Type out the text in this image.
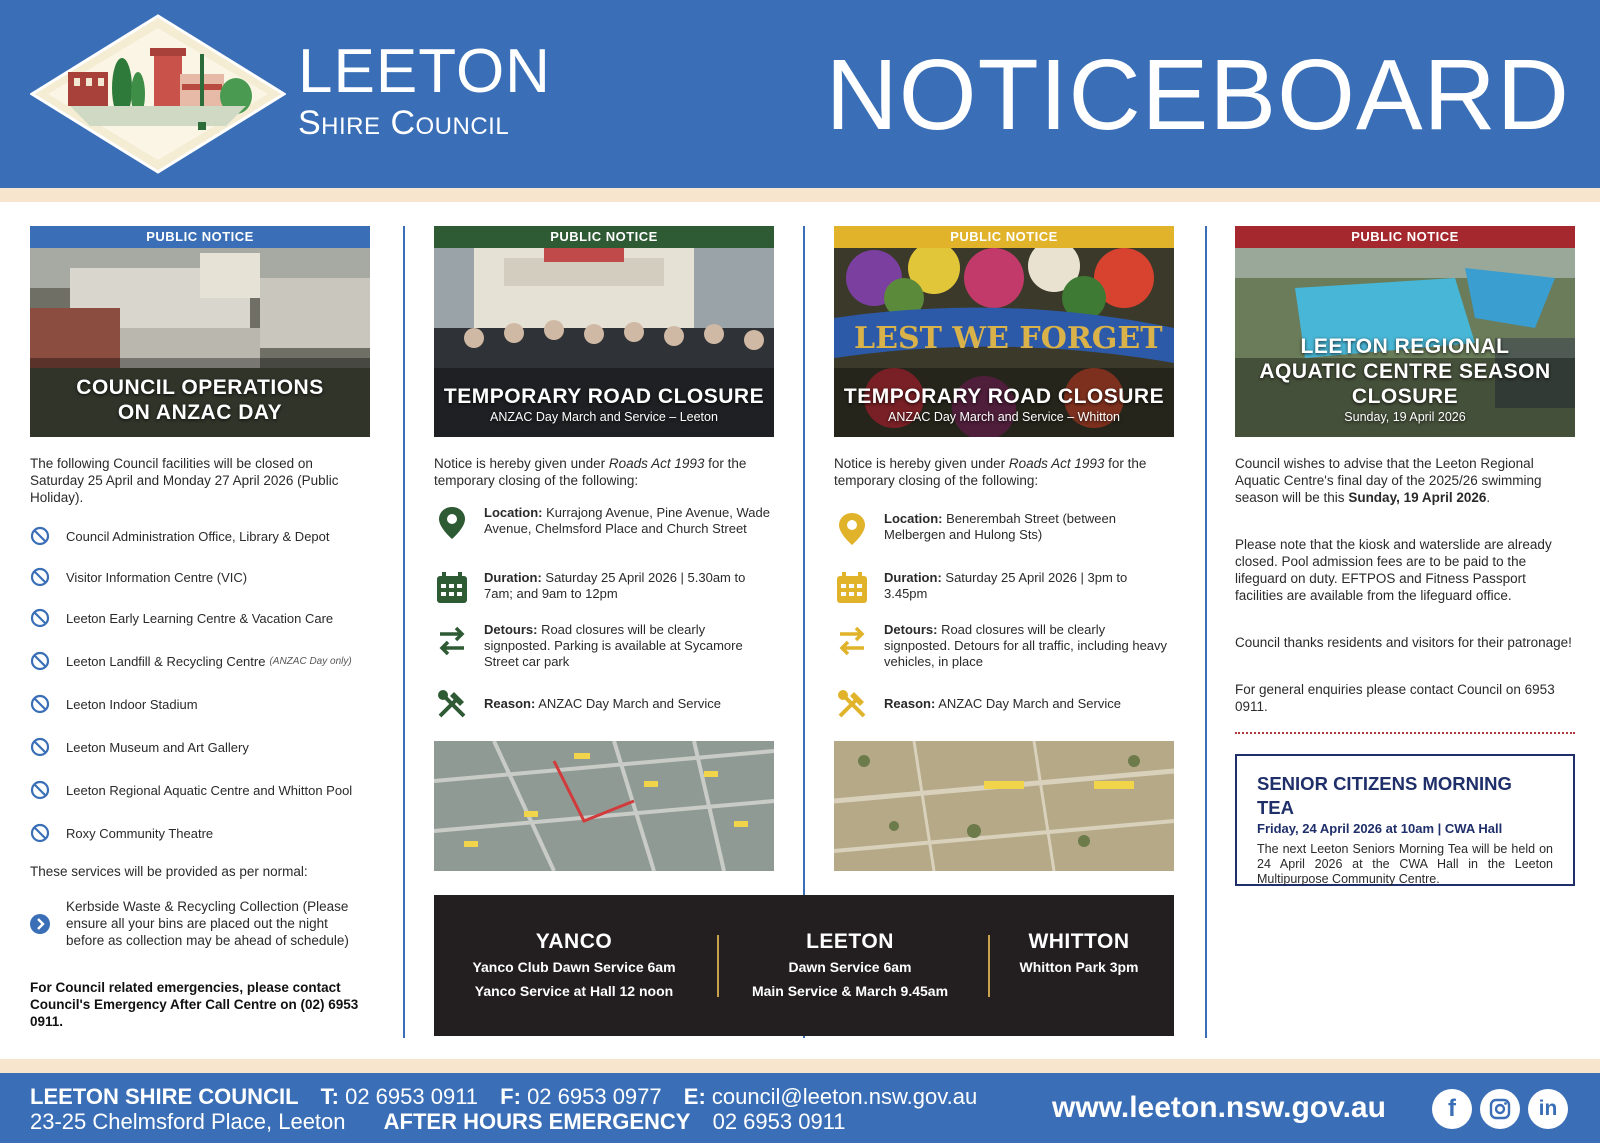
LEETON
Shire Council	NOTICEBOARD
PUBLIC NOTICE
COUNCIL OPERATIONS ON ANZAC DAY
The following Council facilities will be closed on Saturday 25 April and Monday 27 April 2026 (Public Holiday).
Council Administration Office, Library & Depot
Visitor Information Centre (VIC)
Leeton Early Learning Centre & Vacation Care
Leeton Landfill & Recycling Centre (ANZAC Day only)
Leeton Indoor Stadium
Leeton Museum and Art Gallery
Leeton Regional Aquatic Centre and Whitton Pool
Roxy Community Theatre
These services will be provided as per normal:
Kerbside Waste & Recycling Collection (Please ensure all your bins are placed out the night before as collection may be ahead of schedule)
For Council related emergencies, please contact Council's Emergency After Call Centre on (02) 6953 0911.
PUBLIC NOTICE
TEMPORARY ROAD CLOSURE
ANZAC Day March and Service – Leeton
Notice is hereby given under Roads Act 1993 for the temporary closing of the following:
Location: Kurrajong Avenue, Pine Avenue, Wade Avenue, Chelmsford Place and Church Street
Duration: Saturday 25 April 2026 | 5.30am to 7am; and 9am to 12pm
Detours: Road closures will be clearly signposted. Parking is available at Sycamore Street car park
Reason: ANZAC Day March and Service
PUBLIC NOTICE
LEST WE FORGET
TEMPORARY ROAD CLOSURE
ANZAC Day March and Service – Whitton
Notice is hereby given under Roads Act 1993 for the temporary closing of the following:
Location: Benerembah Street (between Melbergen and Hulong Sts)
Duration: Saturday 25 April 2026 | 3pm to 3.45pm
Detours: Road closures will be clearly signposted. Detours for all traffic, including heavy vehicles, in place
Reason: ANZAC Day March and Service
YANCO
Yanco Club Dawn Service 6am
Yanco Service at Hall 12 noon
LEETON
Dawn Service 6am
Main Service & March 9.45am
WHITTON
Whitton Park 3pm
PUBLIC NOTICE
LEETON REGIONAL AQUATIC CENTRE SEASON CLOSURE
Sunday, 19 April 2026
Council wishes to advise that the Leeton Regional Aquatic Centre's final day of the 2025/26 swimming season will be this Sunday, 19 April 2026.
Please note that the kiosk and waterslide are already closed. Pool admission fees are to be paid to the lifeguard on duty. EFTPOS and Fitness Passport facilities are available from the lifeguard office.
Council thanks residents and visitors for their patronage!
For general enquiries please contact Council on 6953 0911.
SENIOR CITIZENS MORNING TEA
Friday, 24 April 2026 at 10am | CWA Hall
The next Leeton Seniors Morning Tea will be held on 24 April 2026 at the CWA Hall in the Leeton Multipurpose Community Centre.
LEETON SHIRE COUNCIL T: 02 6953 0911 F: 02 6953 0977 E: council@leeton.nsw.gov.au
23-25 Chelmsford Place, Leeton AFTER HOURS EMERGENCY 02 6953 0911	www.leeton.nsw.gov.au	f	in
